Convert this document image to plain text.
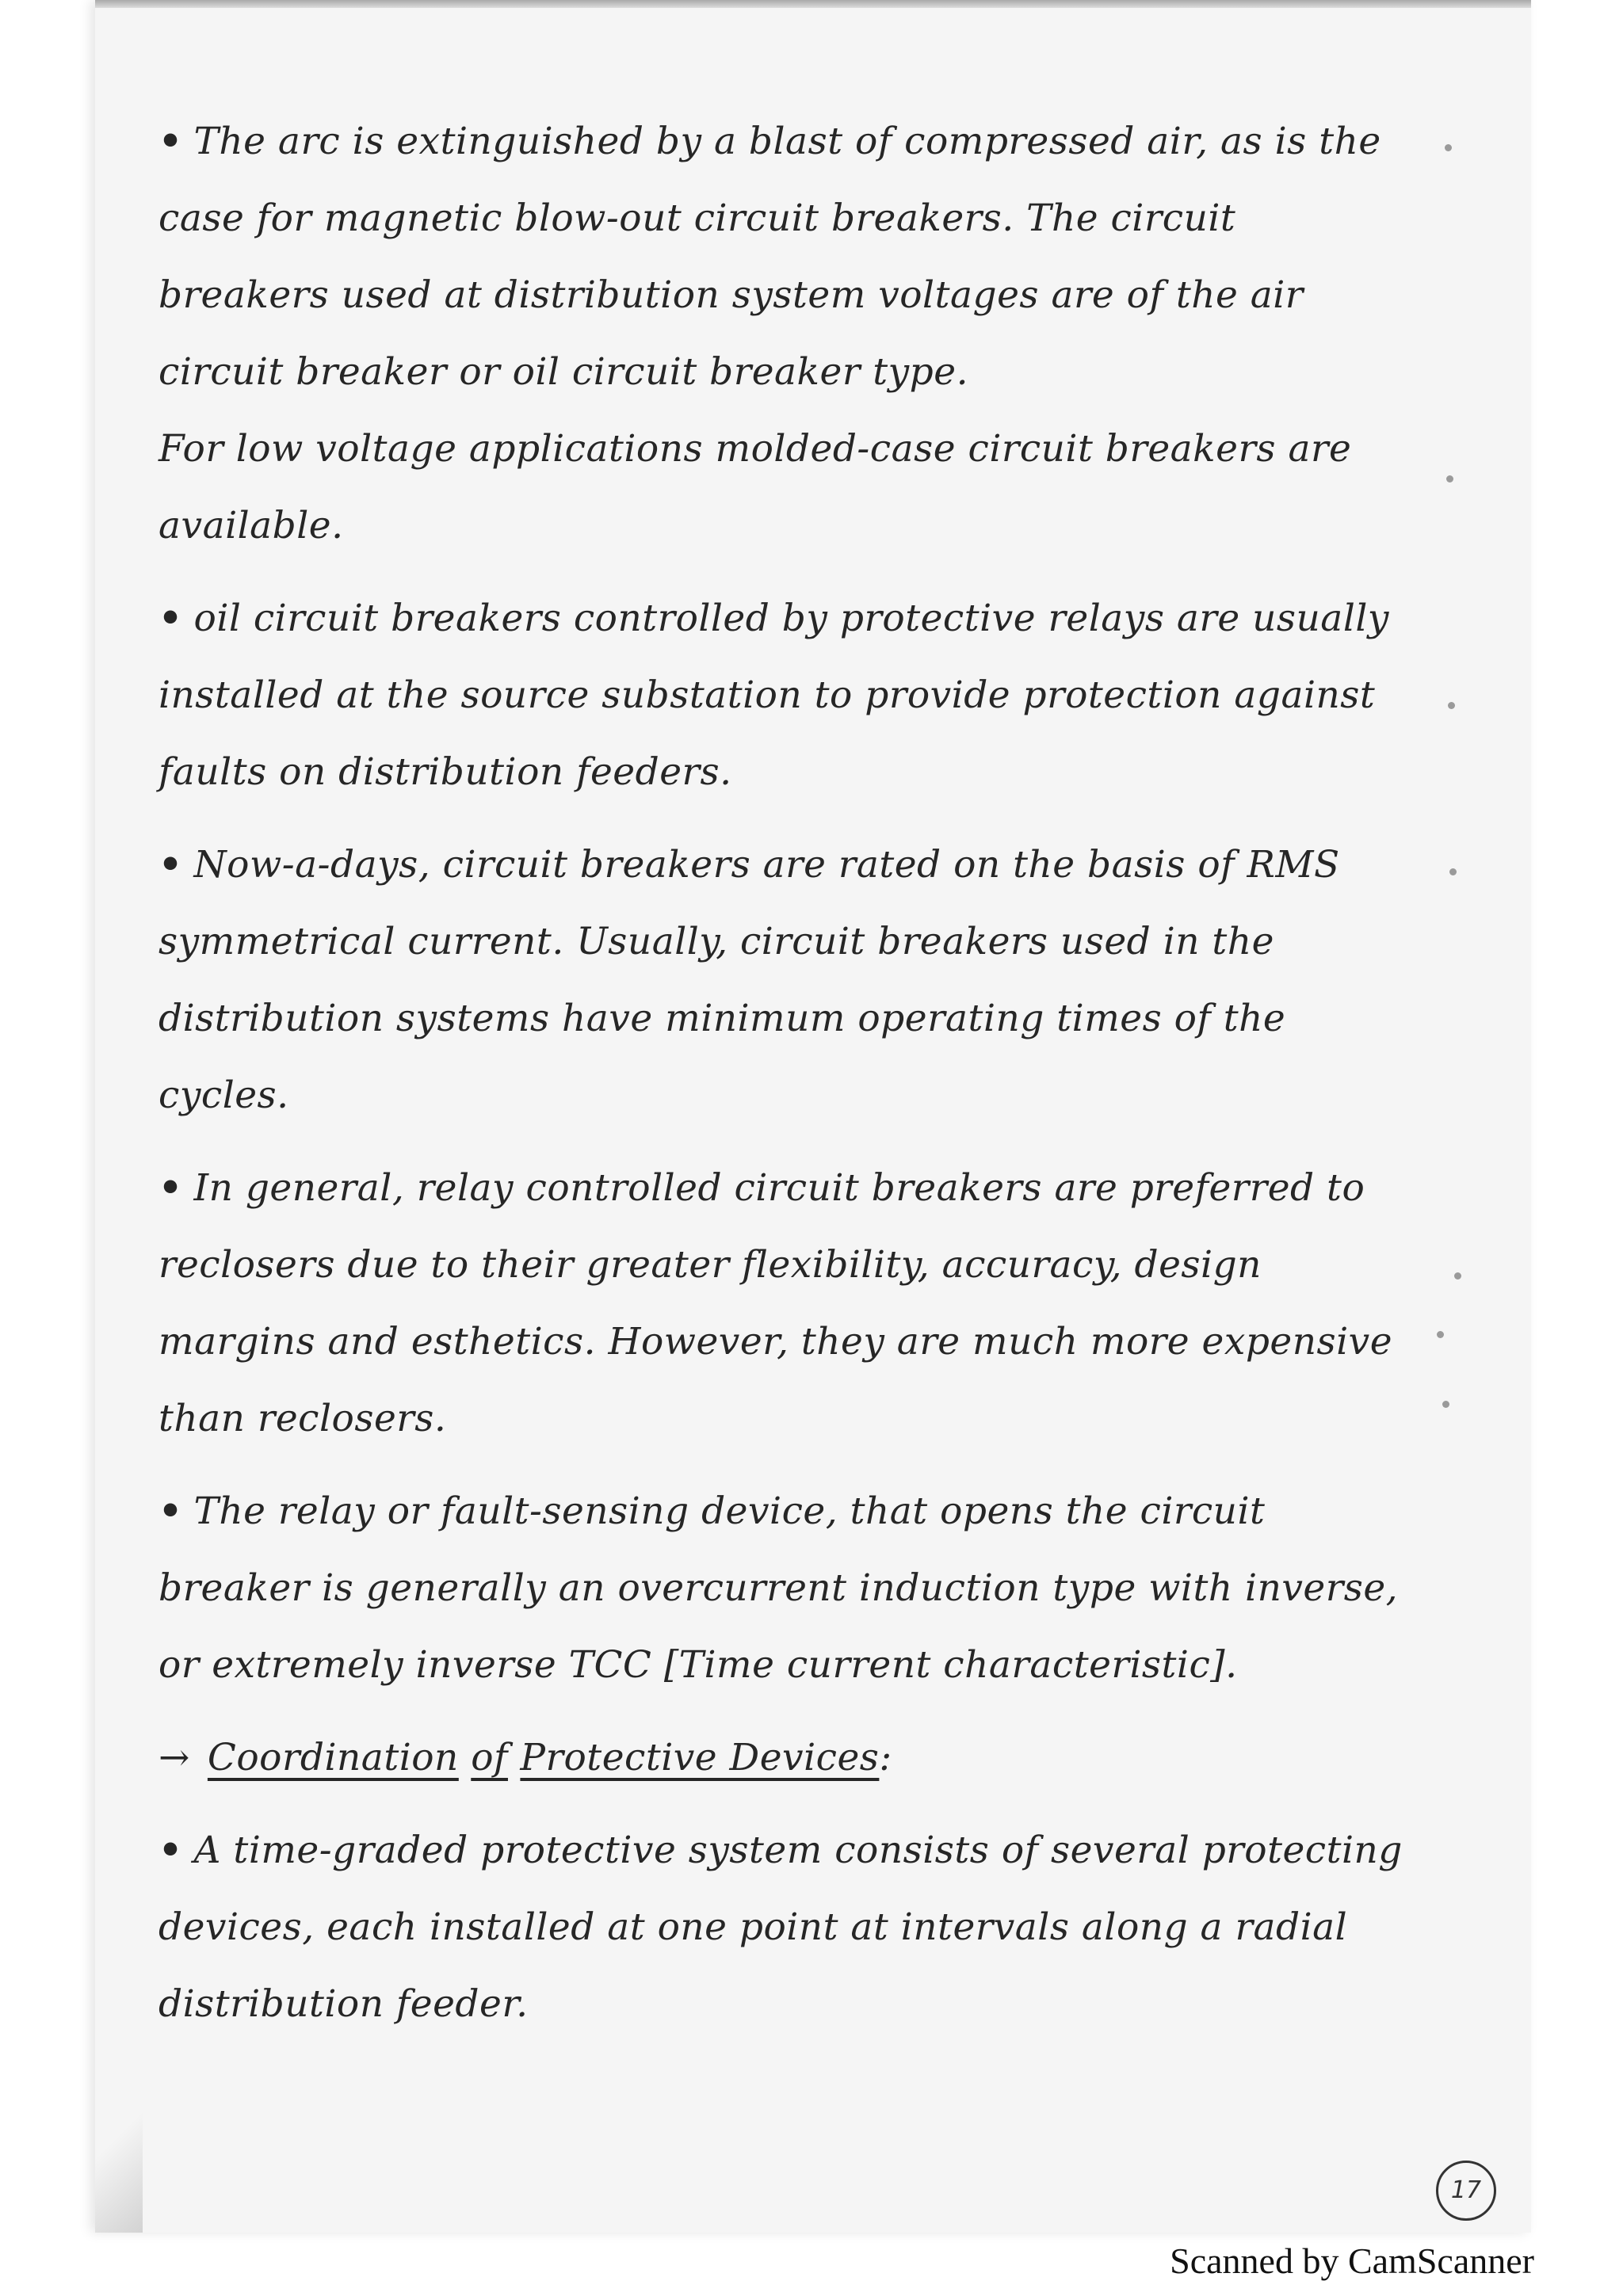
• The arc is extinguished by a blast of compressed air, as is the case for magnetic blow-out circuit breakers. The circuit breakers used at distribution system voltages are of the air circuit breaker or oil circuit breaker type.

For low voltage applications molded-case circuit breakers are available.

• oil circuit breakers controlled by protective relays are usually installed at the source substation to provide protection against faults on distribution feeders.

• Now-a-days, circuit breakers are rated on the basis of RMS symmetrical current. Usually, circuit breakers used in the distribution systems have minimum operating times of the cycles.

• In general, relay controlled circuit breakers are preferred to reclosers due to their greater flexibility, accuracy, design margins and esthetics. However, they are much more expensive than reclosers.

• The relay or fault-sensing device, that opens the circuit breaker is generally an overcurrent induction type with inverse, or extremely inverse TCC [Time current characteristic].

→ Coordination of Protective Devices:

• A time-graded protective system consists of several protecting devices, each installed at one point at intervals along a radial distribution feeder.

17
Scanned by CamScanner
